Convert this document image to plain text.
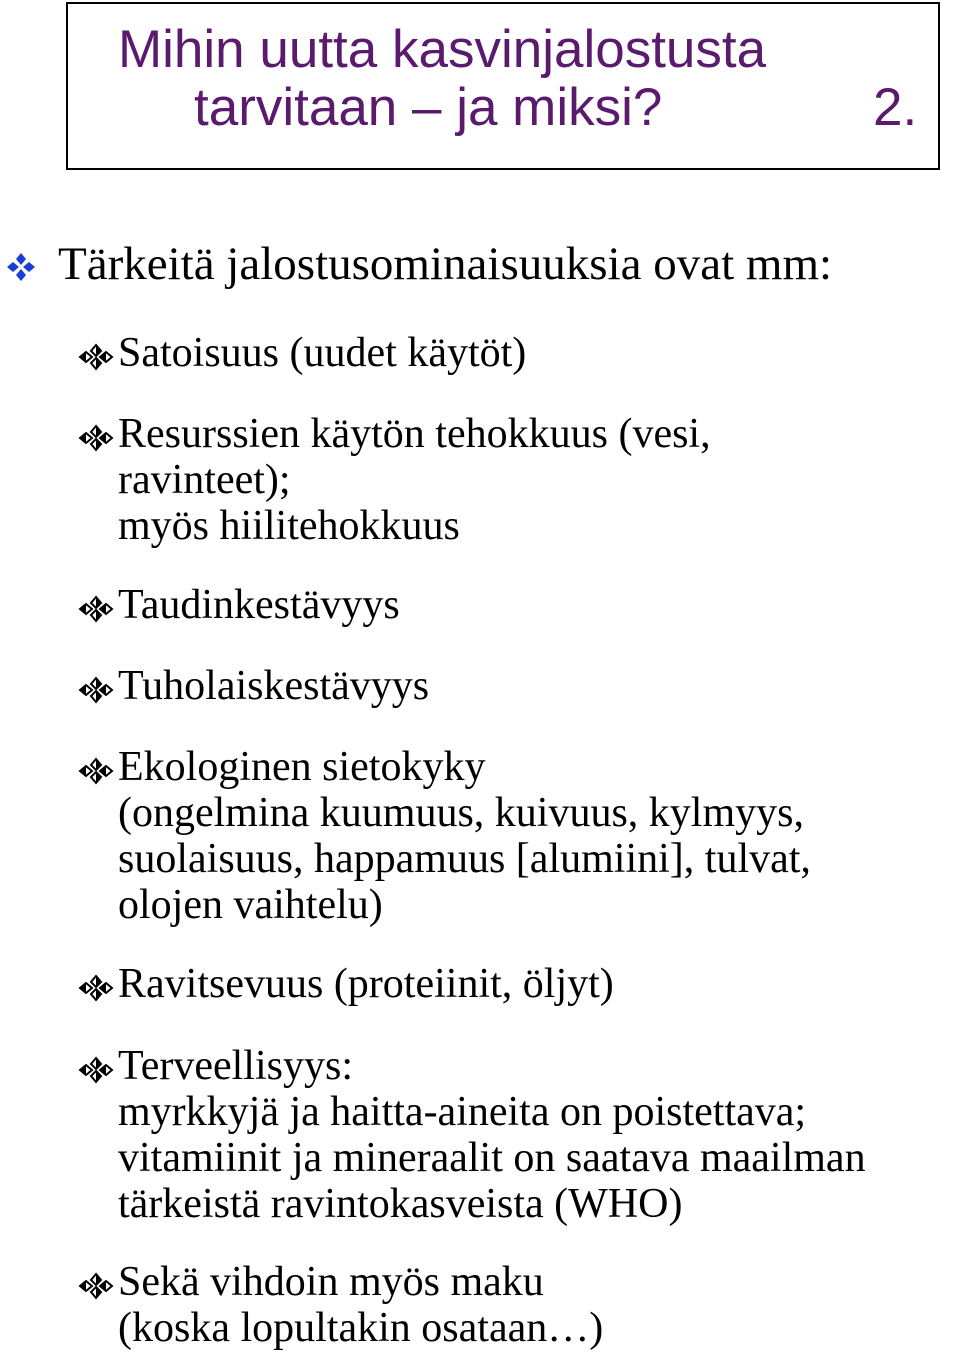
Mihin uutta kasvinjalostusta
tarvitaan – ja miksi?	2.
Tärkeitä jalostusominaisuuksia ovat mm:
Satoisuus (uudet käytöt)
Resurssien käytön tehokkuus (vesi,
ravinteet);
myös hiilitehokkuus
Taudinkestävyys
Tuholaiskestävyys
Ekologinen sietokyky
(ongelmina kuumuus, kuivuus, kylmyys,
suolaisuus, happamuus [alumiini], tulvat,
olojen vaihtelu)
Ravitsevuus (proteiinit, öljyt)
Terveellisyys:
myrkkyjä ja haitta-aineita on poistettava;
vitamiinit ja mineraalit on saatava maailman
tärkeistä ravintokasveista (WHO)
Sekä vihdoin myös maku
(koska lopultakin osataan…)
